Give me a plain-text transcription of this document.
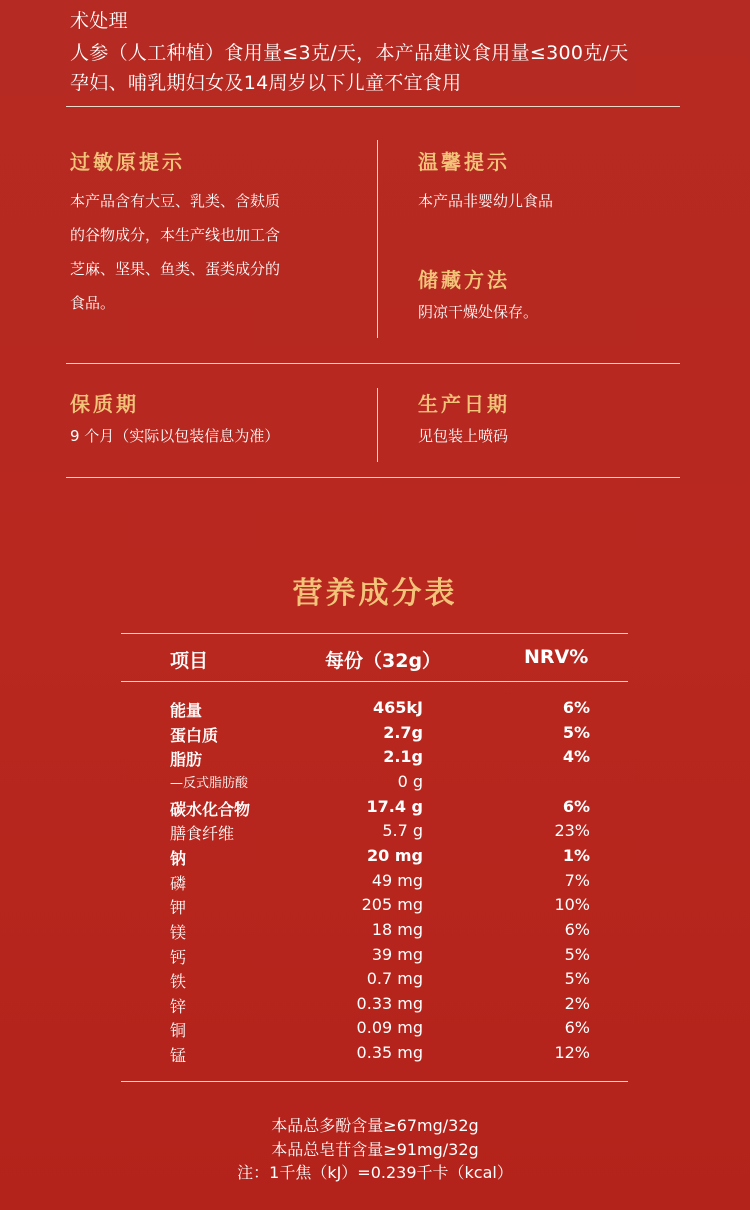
术处理
人参（人工种植）食用量≤3克/天，本产品建议食用量≤300克/天
孕妇、哺乳期妇女及14周岁以下儿童不宜食用
过敏原提示
本产品含有大豆、乳类、含麸质
的谷物成分，本生产线也加工含
芝麻、坚果、鱼类、蛋类成分的
食品。
温馨提示
本产品非婴幼儿食品
储藏方法
阴凉干燥处保存。
保质期
9 个月（实际以包装信息为准）
生产日期
见包装上喷码
营养成分表
项目	每份（32g）	NRV%
能量	465kJ	6%
蛋白质	2.7g	5%
脂肪	2.1g	4%
—反式脂肪酸	0 g
碳水化合物	17.4 g	6%
膳食纤维	5.7 g	23%
钠	20 mg	1%
磷	49 mg	7%
钾	205 mg	10%
镁	18 mg	6%
钙	39 mg	5%
铁	0.7 mg	5%
锌	0.33 mg	2%
铜	0.09 mg	6%
锰	0.35 mg	12%
本品总多酚含量≥67mg/32g
本品总皂苷含量≥91mg/32g
注：1千焦（kJ）=0.239千卡（kcal）
